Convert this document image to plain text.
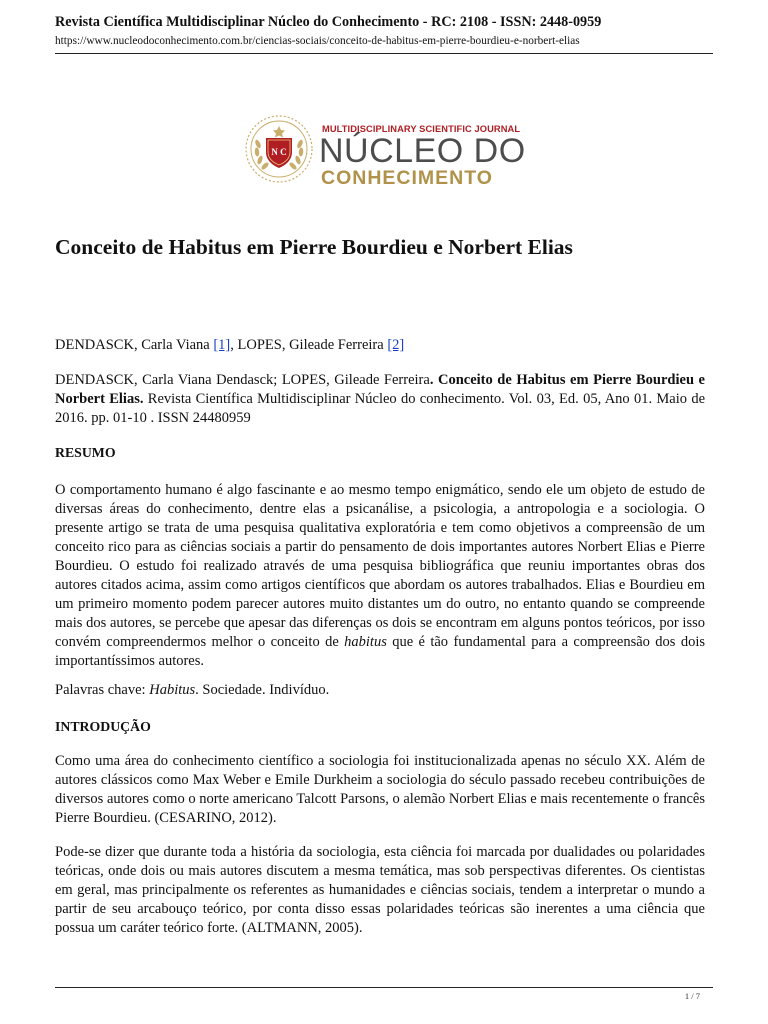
Revista Científica Multidisciplinar Núcleo do Conhecimento - RC: 2108 - ISSN: 2448-0959
https://www.nucleodoconhecimento.com.br/ciencias-sociais/conceito-de-habitus-em-pierre-bourdieu-e-norbert-elias
N C
MULTIDISCIPLINARY SCIENTIFIC JOURNAL
NÚCLEO DO
CONHECIMENTO
Conceito de Habitus em Pierre Bourdieu e Norbert Elias
DENDASCK, Carla Viana [1], LOPES, Gileade Ferreira [2]

DENDASCK, Carla Viana Dendasck; LOPES, Gileade Ferreira. Conceito de Habitus em Pierre Bourdieu e Norbert Elias. Revista Científica Multidisciplinar Núcleo do conhecimento. Vol. 03, Ed. 05, Ano 01. Maio de 2016. pp. 01-10 . ISSN 24480959

RESUMO

O comportamento humano é algo fascinante e ao mesmo tempo enigmático, sendo ele um objeto de estudo de diversas áreas do conhecimento, dentre elas a psicanálise, a psicologia, a antropologia e a sociologia. O presente artigo se trata de uma pesquisa qualitativa exploratória e tem como objetivos a compreensão de um conceito rico para as ciências sociais a partir do pensamento de dois importantes autores Norbert Elias e Pierre Bourdieu. O estudo foi realizado através de uma pesquisa bibliográfica que reuniu importantes obras dos autores citados acima, assim como artigos científicos que abordam os autores trabalhados. Elias e Bourdieu em um primeiro momento podem parecer autores muito distantes um do outro, no entanto quando se compreende mais dos autores, se percebe que apesar das diferenças os dois se encontram em alguns pontos teóricos, por isso convém compreendermos melhor o conceito de habitus que é tão fundamental para a compreensão dos dois importantíssimos autores.

Palavras chave: Habitus. Sociedade. Indivíduo.
INTRODUÇÃO

Como uma área do conhecimento científico a sociologia foi institucionalizada apenas no século XX. Além de autores clássicos como Max Weber e Emile Durkheim a sociologia do século passado recebeu contribuições de diversos autores como o norte americano Talcott Parsons, o alemão Norbert Elias e mais recentemente o francês Pierre Bourdieu. (CESARINO, 2012).

Pode-se dizer que durante toda a história da sociologia, esta ciência foi marcada por dualidades ou polaridades teóricas, onde dois ou mais autores discutem a mesma temática, mas sob perspectivas diferentes. Os cientistas em geral, mas principalmente os referentes as humanidades e ciências sociais, tendem a interpretar o mundo a partir de seu arcabouço teórico, por conta disso essas polaridades teóricas são inerentes a uma ciência que possua um caráter teórico forte. (ALTMANN, 2005).

1 / 7
